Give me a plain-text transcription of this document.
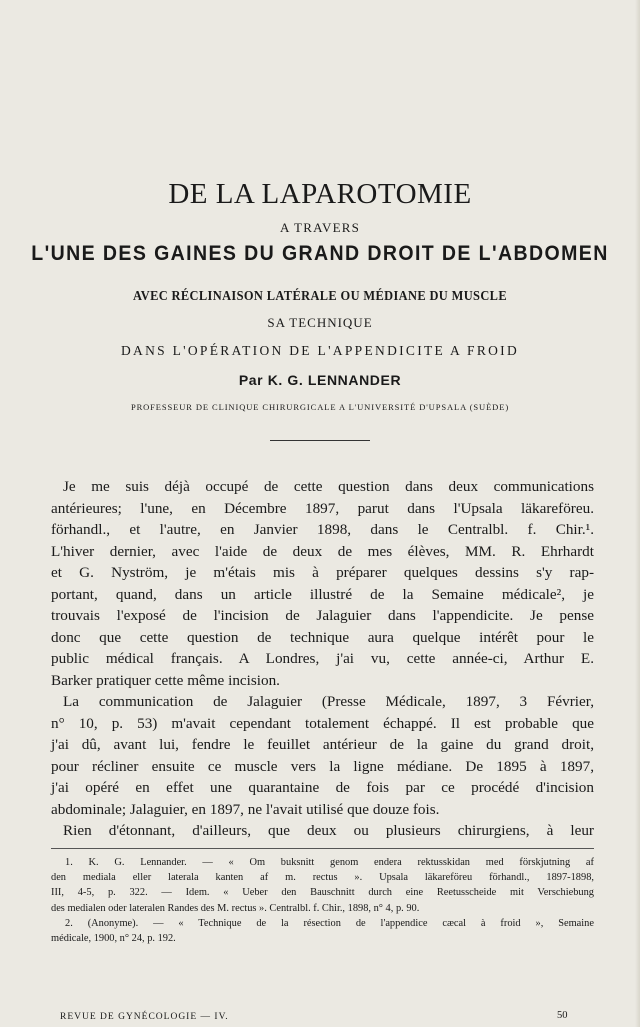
DE LA LAPAROTOMIE
A TRAVERS
L'UNE DES GAINES DU GRAND DROIT DE L'ABDOMEN
AVEC RÉCLINAISON LATÉRALE OU MÉDIANE DU MUSCLE
SA TECHNIQUE
DANS L'OPÉRATION DE L'APPENDICITE A FROID
Par K. G. LENNANDER
PROFESSEUR DE CLINIQUE CHIRURGICALE A L'UNIVERSITÉ D'UPSALA (SUÈDE)

Je me suis déjà occupé de cette question dans deux communications

antérieures; l'une, en Décembre 1897, parut dans l'Upsala läkareföreu.

förhandl., et l'autre, en Janvier 1898, dans le Centralbl. f. Chir.¹.

L'hiver dernier, avec l'aide de deux de mes élèves, MM. R. Ehrhardt

et G. Nyström, je m'étais mis à préparer quelques dessins s'y rap-

portant, quand, dans un article illustré de la Semaine médicale², je

trouvais l'exposé de l'incision de Jalaguier dans l'appendicite. Je pense

donc que cette question de technique aura quelque intérêt pour le

public médical français. A Londres, j'ai vu, cette année-ci, Arthur E.

Barker pratiquer cette même incision.

La communication de Jalaguier (Presse Médicale, 1897, 3 Février,

n° 10, p. 53) m'avait cependant totalement échappé. Il est probable que

j'ai dû, avant lui, fendre le feuillet antérieur de la gaine du grand droit,

pour récliner ensuite ce muscle vers la ligne médiane. De 1895 à 1897,

j'ai opéré en effet une quarantaine de fois par ce procédé d'incision

abdominale; Jalaguier, en 1897, ne l'avait utilisé que douze fois.

Rien d'étonnant, d'ailleurs, que deux ou plusieurs chirurgiens, à leur

1. K. G. Lennander. — « Om buksnitt genom endera rektusskidan med förskjutning af

den mediala eller laterala kanten af m. rectus ». Upsala läkareföreu förhandl., 1897-1898,

III, 4-5, p. 322. — Idem. « Ueber den Bauschnitt durch eine Reetusscheide mit Verschiebung

des medialen oder lateralen Randes des M. rectus ». Centralbl. f. Chir., 1898, n° 4, p. 90.

2. (Anonyme). — « Technique de la résection de l'appendice cæcal à froid », Semaine

médicale, 1900, n° 24, p. 192.

REVUE DE GYNÉCOLOGIE — IV.	50
